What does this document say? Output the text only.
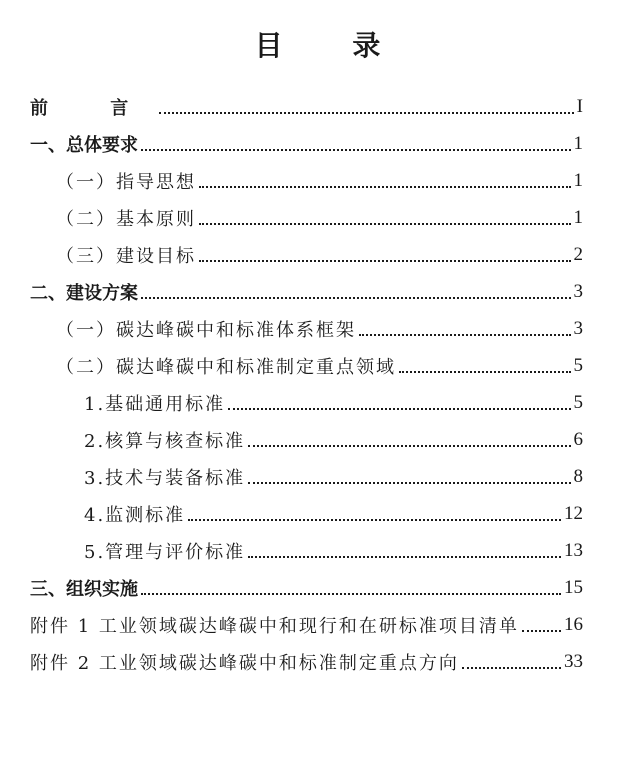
目 录
前 言	I
一、总体要求	1
（一）指导思想	1
（二）基本原则	1
（三）建设目标	2
二、建设方案	3
（一）碳达峰碳中和标准体系框架	3
（二）碳达峰碳中和标准制定重点领域	5
1.基础通用标准	5
2.核算与核查标准	6
3.技术与装备标准	8
4.监测标准	12
5.管理与评价标准	13
三、组织实施	15
附件 1 工业领域碳达峰碳中和现行和在研标准项目清单 16
附件 2 工业领域碳达峰碳中和标准制定重点方向	33
